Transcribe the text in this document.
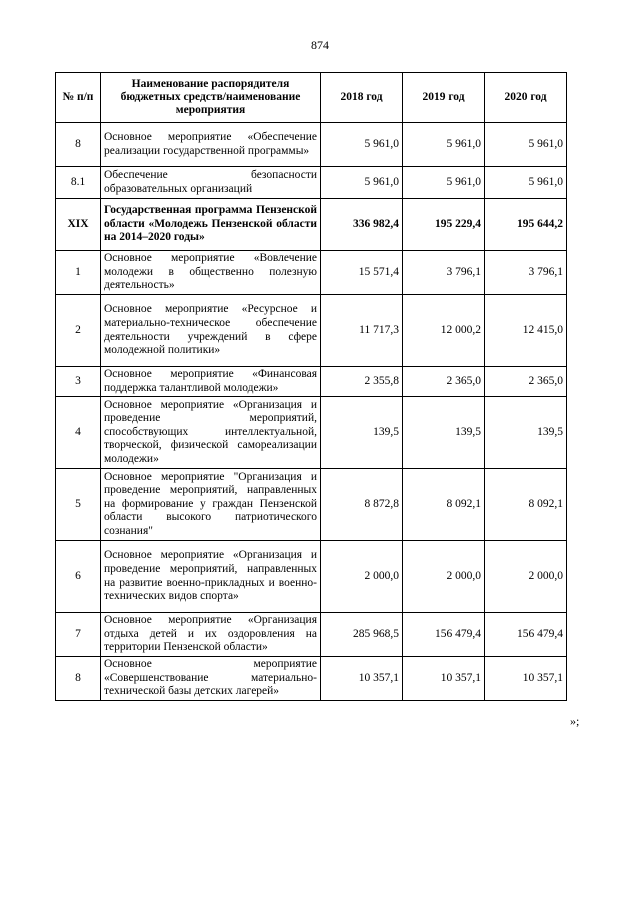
874
№ п/п	Наименование распорядителя бюджетных средств/наименование мероприятия	2018 год	2019 год	2020 год
8	Основное мероприятие «Обеспечение реализации государственной программы»	5 961,0	5 961,0	5 961,0
8.1	Обеспечение безопасности образовательных организаций	5 961,0	5 961,0	5 961,0
XIX	Государственная программа Пензенской области «Молодежь Пензенской области на 2014–2020 годы»	336 982,4	195 229,4	195 644,2
1	Основное мероприятие «Вовлечение молодежи в общественно полезную деятельность»	15 571,4	3 796,1	3 796,1
2	Основное мероприятие «Ресурсное и материально-техническое обеспечение деятельности учреждений в сфере молодежной политики»	11 717,3	12 000,2	12 415,0
3	Основное мероприятие «Финансовая поддержка талантливой молодежи»	2 355,8	2 365,0	2 365,0
4	Основное мероприятие «Организация и проведение мероприятий, способствующих интеллектуальной, творческой, физической самореализации молодежи»	139,5	139,5	139,5
5	Основное мероприятие "Организация и проведение мероприятий, направленных на формирование у граждан Пензенской области высокого патриотического сознания"	8 872,8	8 092,1	8 092,1
6	Основное мероприятие «Организация и проведение мероприятий, направленных на развитие военно-прикладных и военно-технических видов спорта»	2 000,0	2 000,0	2 000,0
7	Основное мероприятие «Организация отдыха детей и их оздоровления на территории Пензенской области»	285 968,5	156 479,4	156 479,4
8	Основное мероприятие «Совершенствование материально-технической базы детских лагерей»	10 357,1	10 357,1	10 357,1
»;
